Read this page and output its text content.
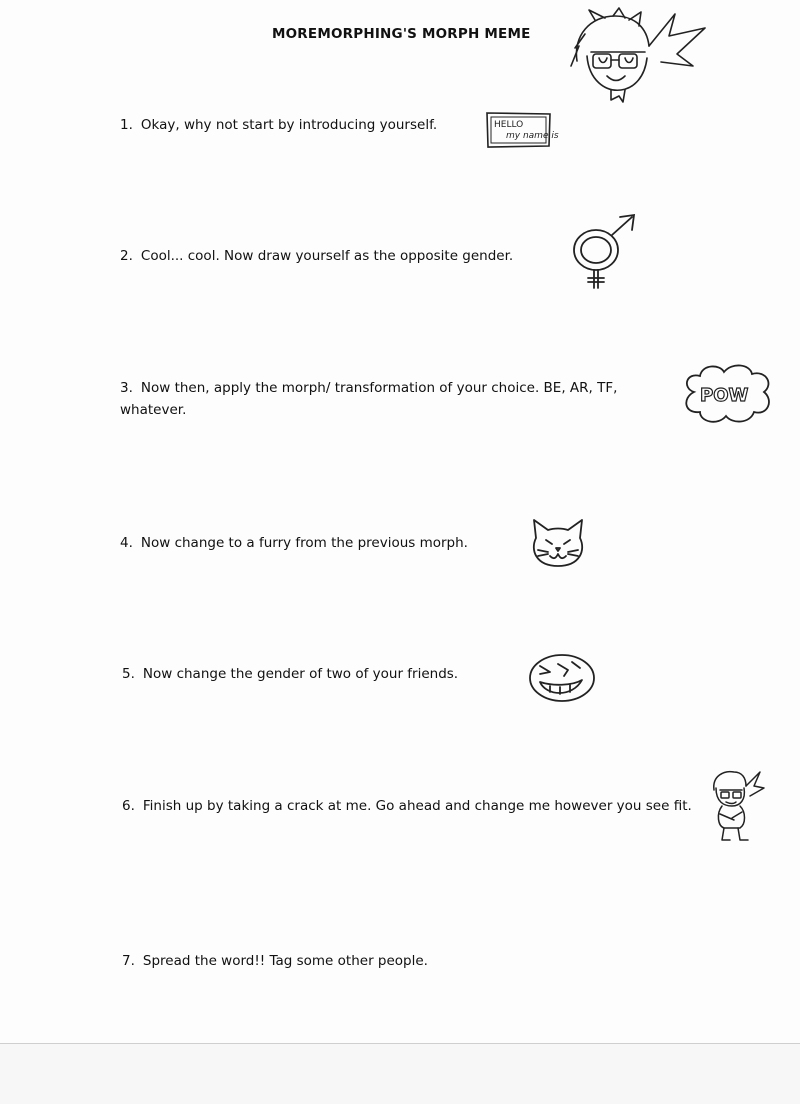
MOREMORPHING'S MORPH MEME
1. Okay, why not start by introducing yourself.	HELLO
my name is
2. Cool... cool. Now draw yourself as the opposite gender.
3. Now then, apply the morph/ transformation of your choice. BE, AR, TF, whatever.
POW
4. Now change to a furry from the previous morph.
5. Now change the gender of two of your friends.
6. Finish up by taking a crack at me. Go ahead and change me however you see fit.
7. Spread the word!! Tag some other people.
